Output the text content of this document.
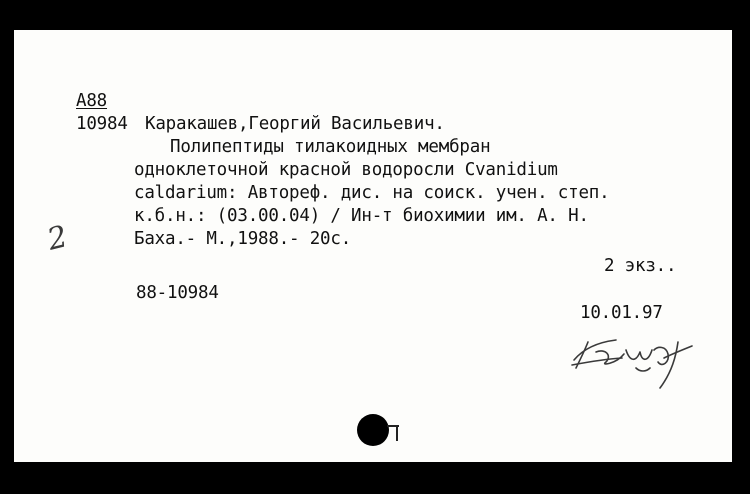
А88
10984 Каракашев,Георгий Васильевич.
Полипептиды тилакоидных мембран
одноклеточной красной водоросли Cvanidium
caldarium: Автореф. дис. на соиск. учен. степ.
к.б.н.: (03.00.04) / Ин-т биохимии им. А. Н.
Баха.- М.,1988.- 20с.
2 экз..
88-10984
10.01.97
2
